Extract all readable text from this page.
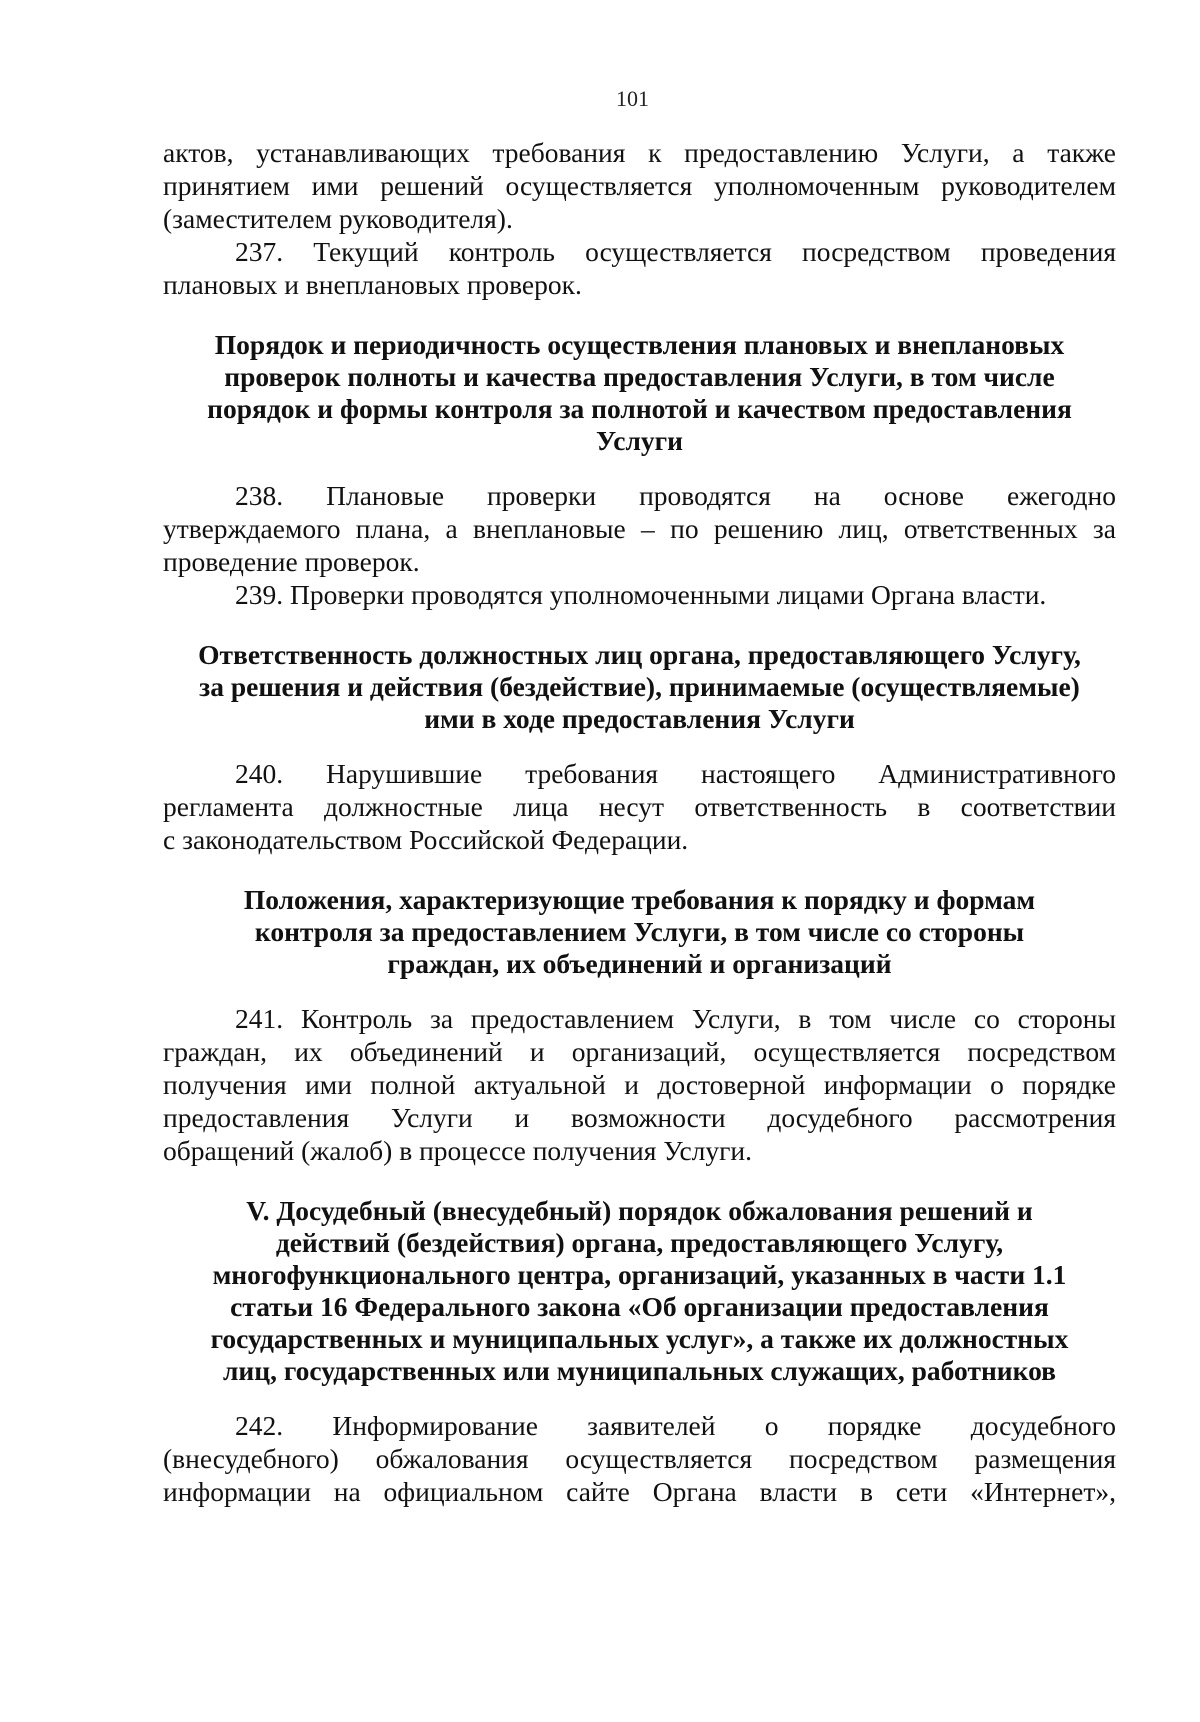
101
актов, устанавливающих требования к предоставлению Услуги, а также
принятием ими решений осуществляется уполномоченным руководителем
(заместителем руководителя).
237. Текущий контроль осуществляется посредством проведения
плановых и внеплановых проверок.
Порядок и периодичность осуществления плановых и внеплановых
проверок полноты и качества предоставления Услуги, в том числе
порядок и формы контроля за полнотой и качеством предоставления
Услуги
238. Плановые проверки проводятся на основе ежегодно
утверждаемого плана, а внеплановые – по решению лиц, ответственных за
проведение проверок.
239. Проверки проводятся уполномоченными лицами Органа власти.
Ответственность должностных лиц органа, предоставляющего Услугу,
за решения и действия (бездействие), принимаемые (осуществляемые)
ими в ходе предоставления Услуги
240. Нарушившие требования настоящего Административного
регламента должностные лица несут ответственность в соответствии
с законодательством Российской Федерации.
Положения, характеризующие требования к порядку и формам
контроля за предоставлением Услуги, в том числе со стороны
граждан, их объединений и организаций
241. Контроль за предоставлением Услуги, в том числе со стороны
граждан, их объединений и организаций, осуществляется посредством
получения ими полной актуальной и достоверной информации о порядке
предоставления Услуги и возможности досудебного рассмотрения
обращений (жалоб) в процессе получения Услуги.
V. Досудебный (внесудебный) порядок обжалования решений и
действий (бездействия) органа, предоставляющего Услугу,
многофункционального центра, организаций, указанных в части 1.1
статьи 16 Федерального закона «Об организации предоставления
государственных и муниципальных услуг», а также их должностных
лиц, государственных или муниципальных служащих, работников
242. Информирование заявителей о порядке досудебного
(внесудебного) обжалования осуществляется посредством размещения
информации на официальном сайте Органа власти в сети «Интернет»,
